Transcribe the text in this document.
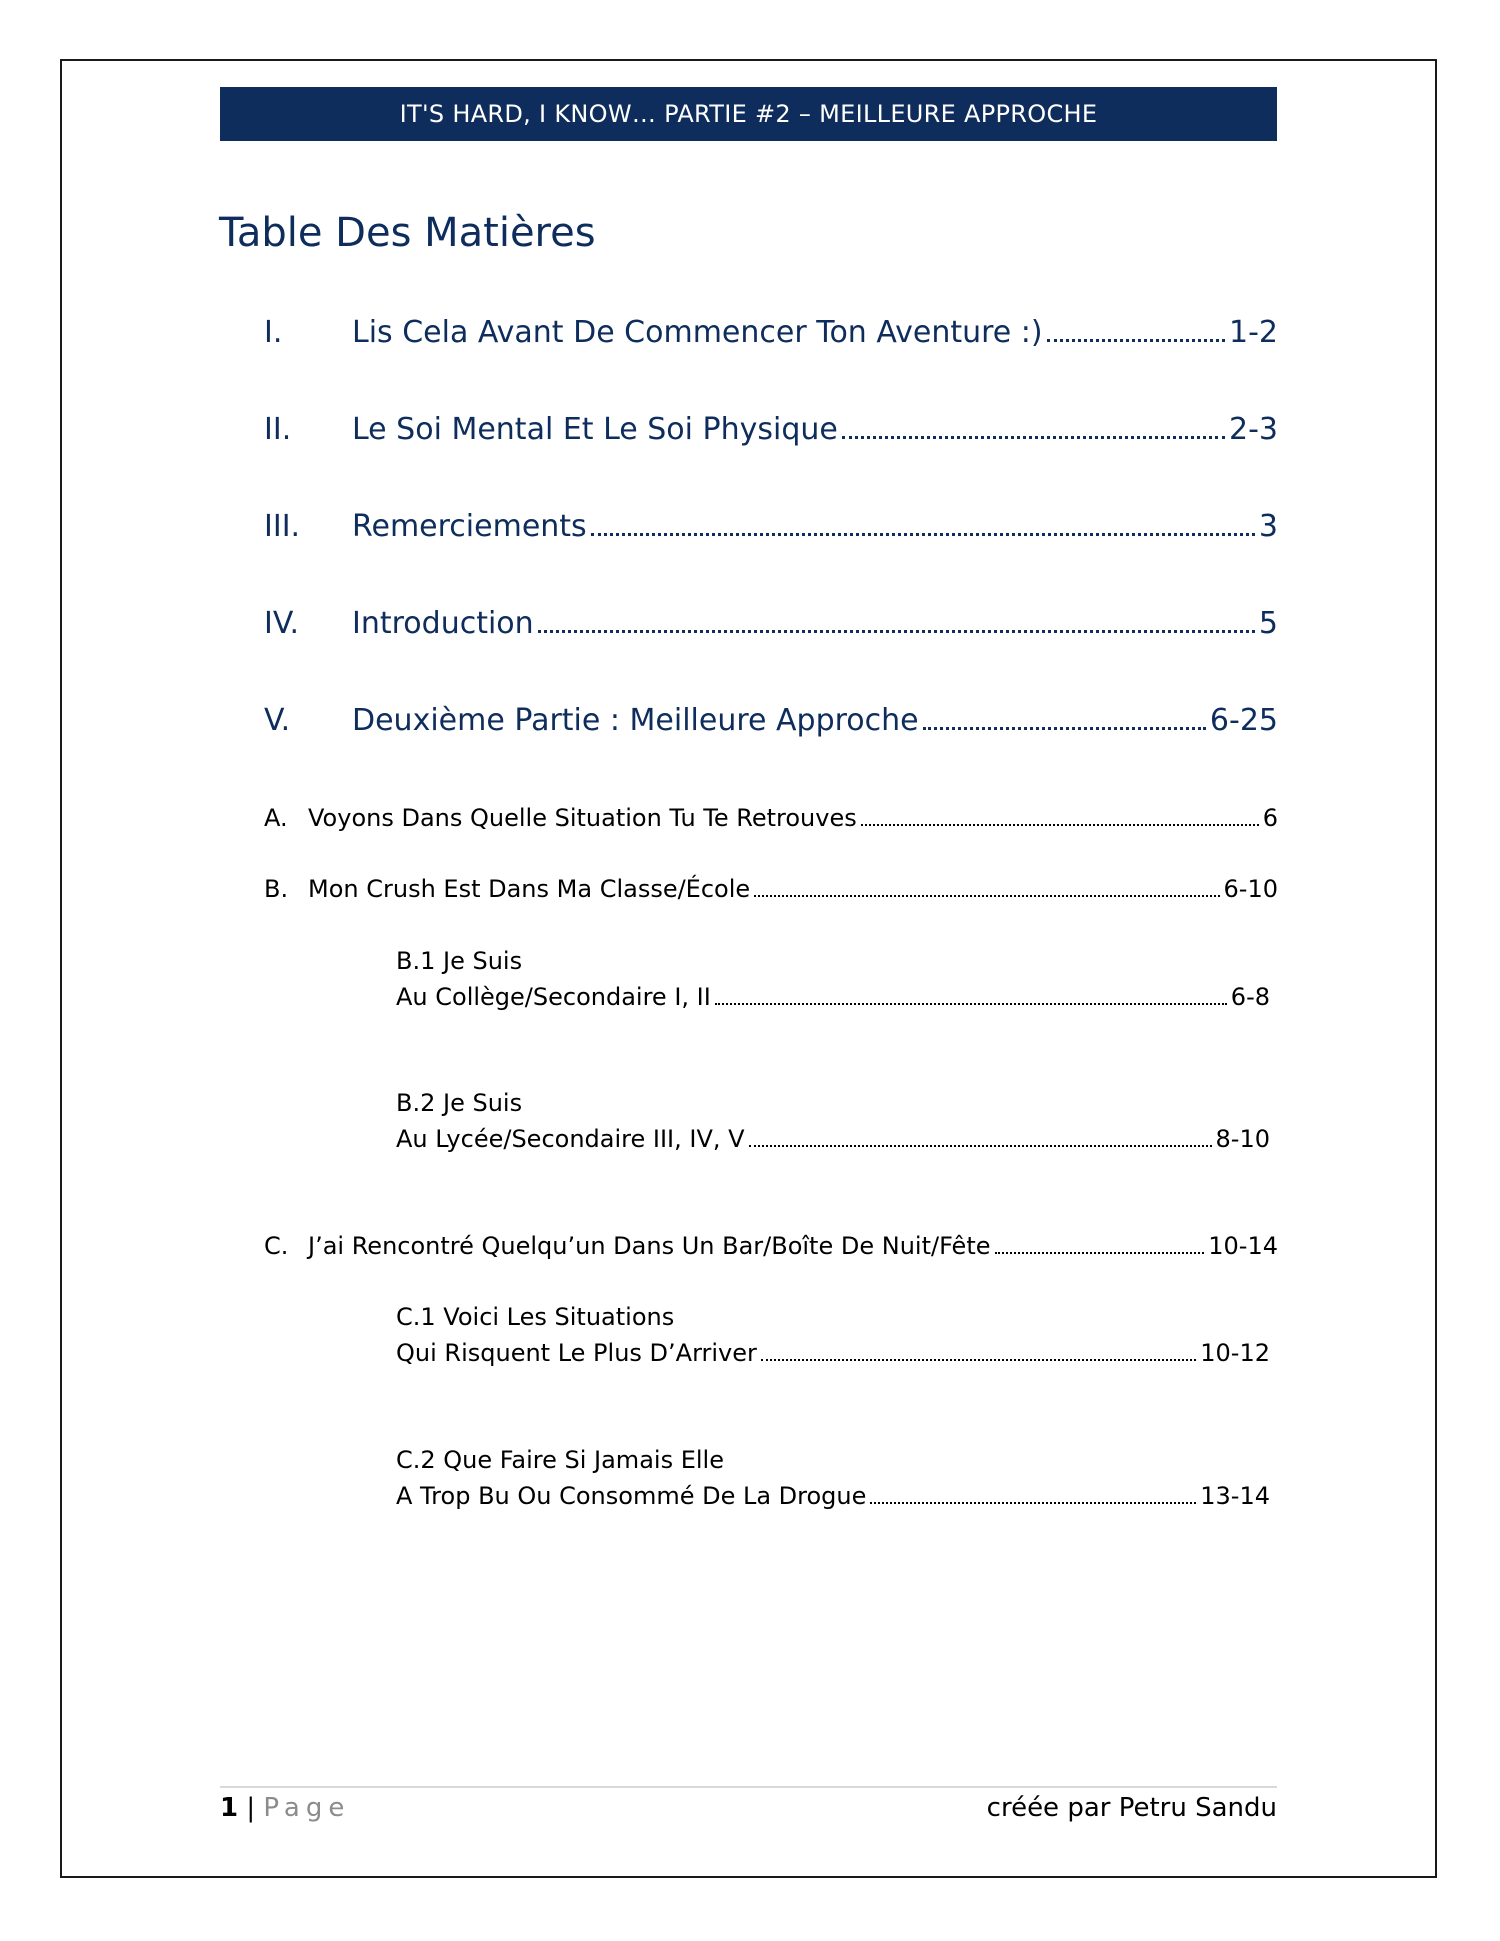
IT'S HARD, I KNOW… PARTIE #2 – MEILLEURE APPROCHE
Table Des Matières
I. Lis Cela Avant De Commencer Ton Aventure :)	1-2
II. Le Soi Mental Et Le Soi Physique	2-3
III. Remerciements	3
IV. Introduction	5
V. Deuxième Partie : Meilleure Approche	6-25
A. Voyons Dans Quelle Situation Tu Te Retrouves	6
B. Mon Crush Est Dans Ma Classe/École	6-10
B.1 Je Suis
Au Collège/Secondaire I, II	6-8
B.2 Je Suis
Au Lycée/Secondaire III, IV, V	8-10
C. J’ai Rencontré Quelqu’un Dans Un Bar/Boîte De Nuit/Fête	10-14
C.1 Voici Les Situations
Qui Risquent Le Plus D’Arriver	10-12
C.2 Que Faire Si Jamais Elle
A Trop Bu Ou Consommé De La Drogue	13-14
1 | Page	créée par Petru Sandu
